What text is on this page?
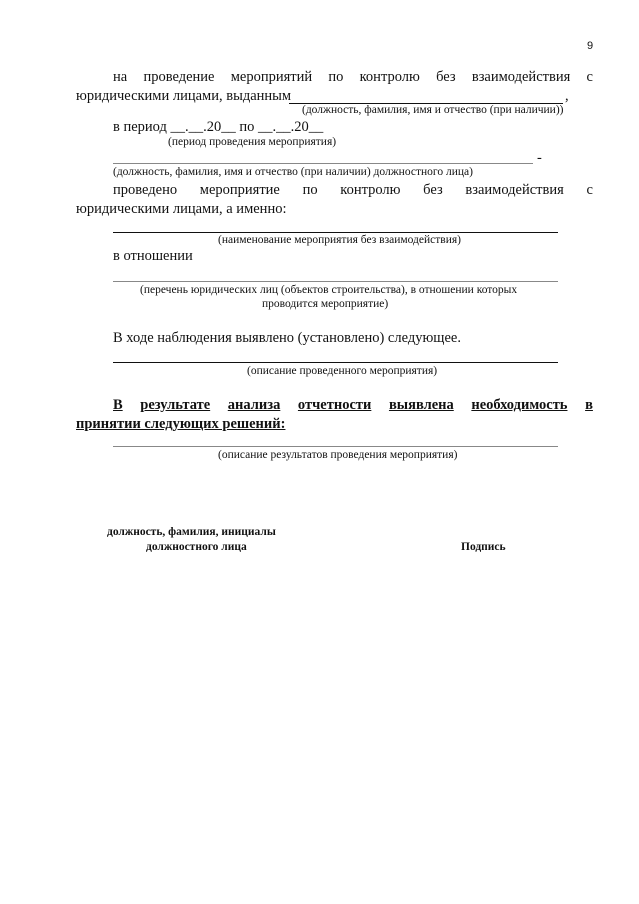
9
на проведение мероприятий по контролю без взаимодействия с
юридическими лицами, выданным	,
(должность, фамилия, имя и отчество (при наличии))
в период __.__.20__ по __.__.20__
(период проведения мероприятия)
-
(должность, фамилия, имя и отчество (при наличии) должностного лица)
проведено мероприятие по контролю без взаимодействия с
юридическими лицами, а именно:
(наименование мероприятия без взаимодействия)
в отношении
(перечень юридических лиц (объектов строительства), в отношении которых
проводится мероприятие)
В ходе наблюдения выявлено (установлено) следующее.
(описание проведенного мероприятия)
В результате анализа отчетности выявлена необходимость в
принятии следующих решений:
(описание результатов проведения мероприятия)
должность, фамилия, инициалы
должностного лица	Подпись
